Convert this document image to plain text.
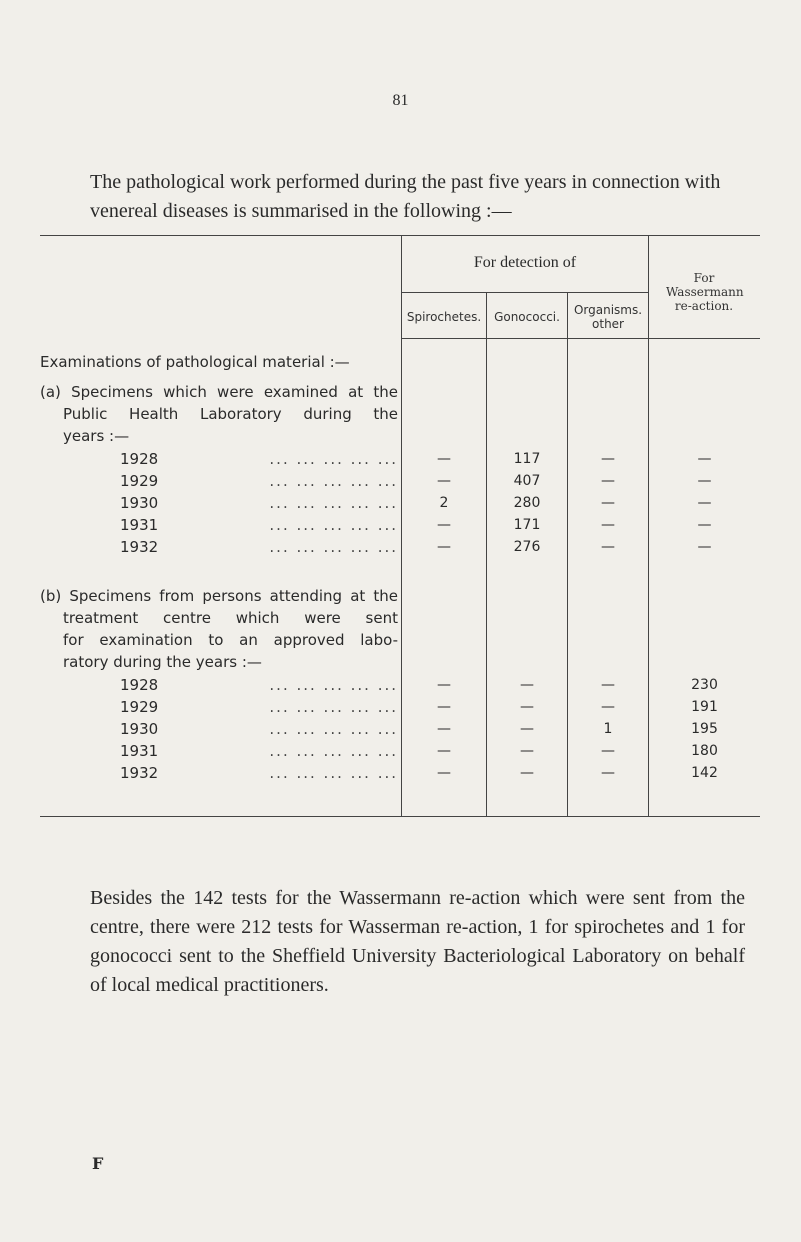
81

The pathological work performed during the past five years in connection with
venereal diseases is summarised in the following :—

For detection of
Spirochetes.	Gonococci.	Organisms. other
For Wassermann re-action.
Examinations of pathological material :—
(a) Specimens which were examined at the
Public Health Laboratory during the
years :—
1928	... ... ... ... ...	—	117	—	—
1929	... ... ... ... ...	—	407	—	—
1930	... ... ... ... ...	2	280	—	—
1931	... ... ... ... ...	—	171	—	—
1932	... ... ... ... ...	—	276	—	—
(b) Specimens from persons attending at the
treatment centre which were sent
for examination to an approved labo-
ratory during the years :—
1928	... ... ... ... ...	—	—	—	230
1929	... ... ... ... ...	—	—	—	191
1930	... ... ... ... ...	—	—	1	195
1931	... ... ... ... ...	—	—	—	180
1932	... ... ... ... ...	—	—	—	142

Besides the 142 tests for the Wassermann re-action which were sent from the centre, there were 212 tests for Wasserman re-action, 1 for spirochetes and 1 for gonococci sent to the Sheffield University Bacteriological Laboratory on behalf of local medical practitioners.

F
